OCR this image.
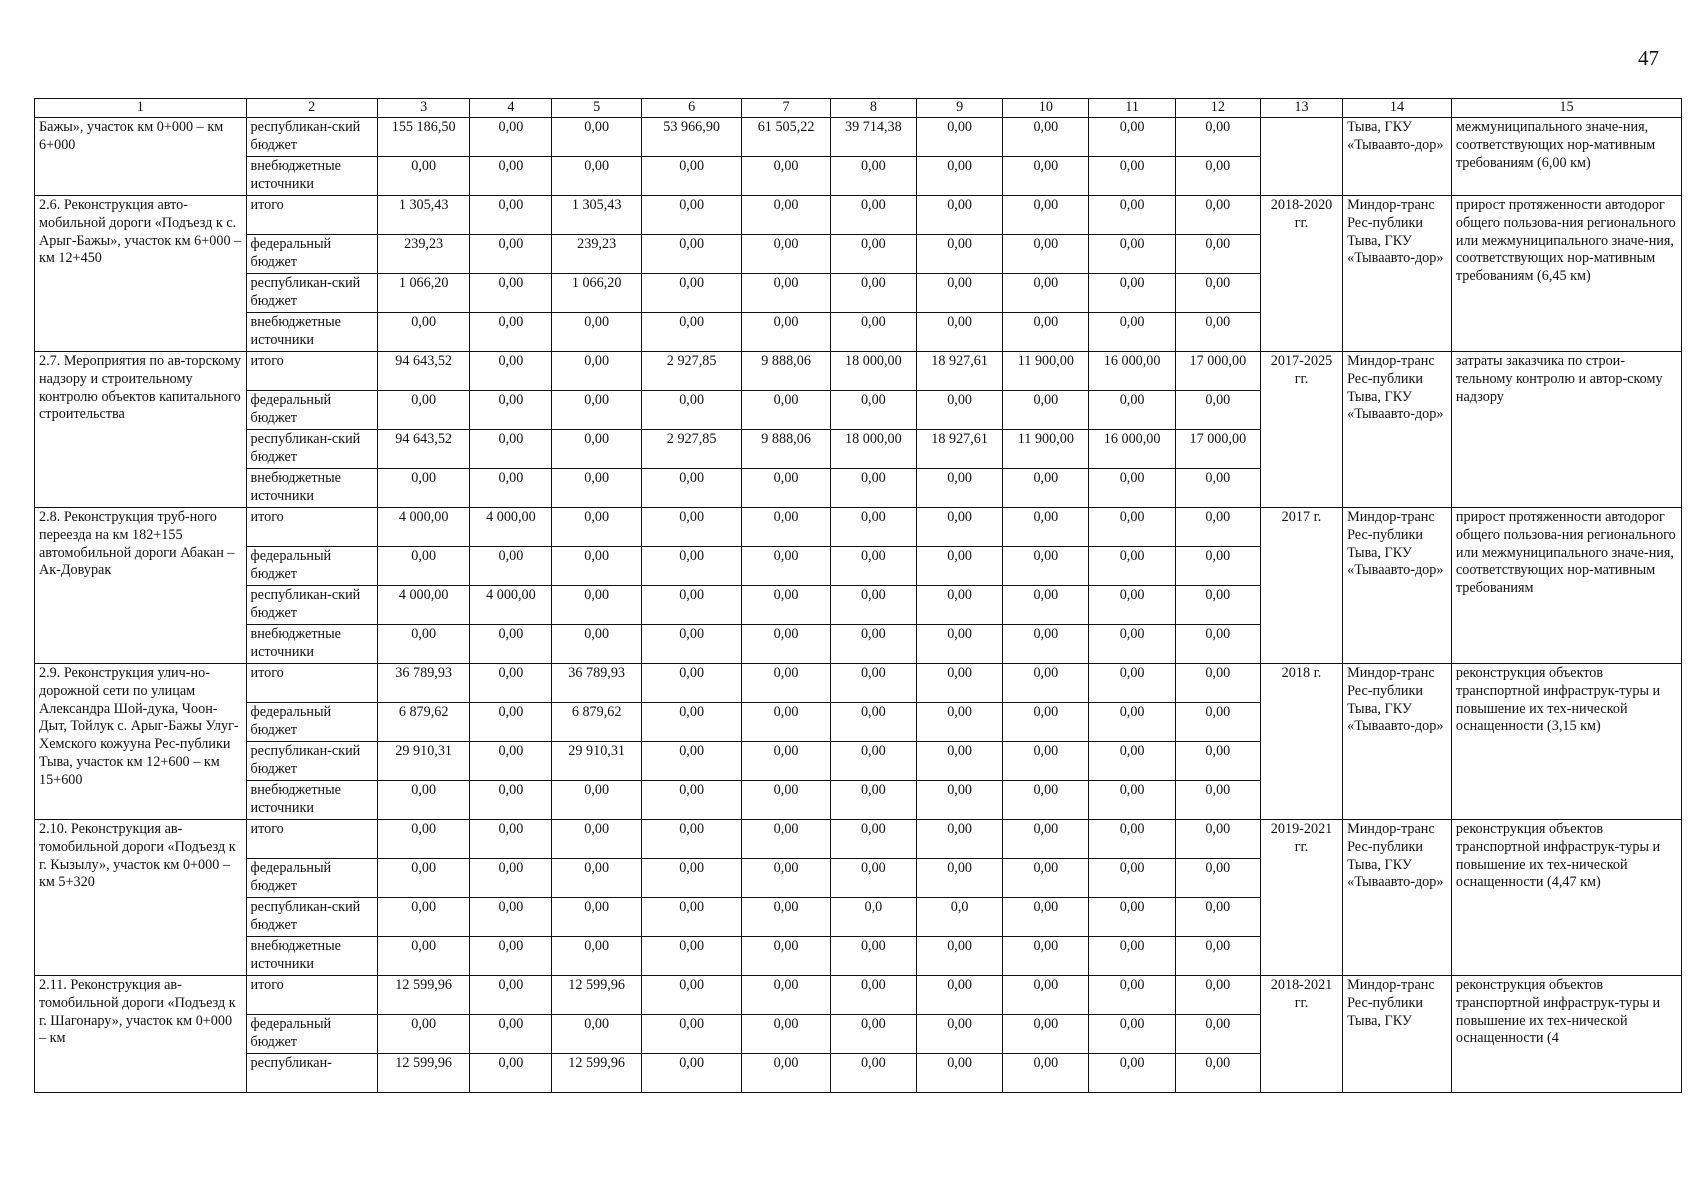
47
1	2	3	4	5	6	7	8	9	10	11	12	13	14	15
Бажы», участок км 0+000 – км 6+000	республикан-ский бюджет	155 186,50	0,00	0,00	53 966,90	61 505,22	39 714,38	0,00	0,00	0,00	0,00		Тыва, ГКУ «Тываавто-дор»	межмуниципального значе-ния, соответствующих нор-мативным требованиям (6,00 км)
	внебюджетные источники	0,00	0,00	0,00	0,00	0,00	0,00	0,00	0,00	0,00	0,00			
2.6. Реконструкция авто-мобильной дороги «Подъезд к с. Арыг-Бажы», участок км 6+000 – км 12+450	итого	1 305,43	0,00	1 305,43	0,00	0,00	0,00	0,00	0,00	0,00	0,00	2018-2020 гг.	Миндор-транс Рес-публики Тыва, ГКУ «Тываавто-дор»	прирост протяженности автодорог общего пользова-ния регионального или межмуниципального значе-ния, соответствующих нор-мативным требованиям (6,45 км)
	федеральный бюджет	239,23	0,00	239,23	0,00	0,00	0,00	0,00	0,00	0,00	0,00			
	республикан-ский бюджет	1 066,20	0,00	1 066,20	0,00	0,00	0,00	0,00	0,00	0,00	0,00			
	внебюджетные источники	0,00	0,00	0,00	0,00	0,00	0,00	0,00	0,00	0,00	0,00			
2.7. Мероприятия по ав-торскому надзору и строительному контролю объектов капитального строительства	итого	94 643,52	0,00	0,00	2 927,85	9 888,06	18 000,00	18 927,61	11 900,00	16 000,00	17 000,00	2017-2025 гг.	Миндор-транс Рес-публики Тыва, ГКУ «Тываавто-дор»	затраты заказчика по строи-тельному контролю и автор-скому надзору
	федеральный бюджет	0,00	0,00	0,00	0,00	0,00	0,00	0,00	0,00	0,00	0,00			
	республикан-ский бюджет	94 643,52	0,00	0,00	2 927,85	9 888,06	18 000,00	18 927,61	11 900,00	16 000,00	17 000,00			
	внебюджетные источники	0,00	0,00	0,00	0,00	0,00	0,00	0,00	0,00	0,00	0,00			
2.8. Реконструкция труб-ного переезда на км 182+155 автомобильной дороги Абакан – Ак-Довурак	итого	4 000,00	4 000,00	0,00	0,00	0,00	0,00	0,00	0,00	0,00	0,00	2017 г.	Миндор-транс Рес-публики Тыва, ГКУ «Тываавто-дор»	прирост протяженности автодорог общего пользова-ния регионального или межмуниципального значе-ния, соответствующих нор-мативным требованиям
	федеральный бюджет	0,00	0,00	0,00	0,00	0,00	0,00	0,00	0,00	0,00	0,00			
	республикан-ский бюджет	4 000,00	4 000,00	0,00	0,00	0,00	0,00	0,00	0,00	0,00	0,00			
	внебюджетные источники	0,00	0,00	0,00	0,00	0,00	0,00	0,00	0,00	0,00	0,00			
2.9. Реконструкция улич-но-дорожной сети по улицам Александра Шой-дука, Чоон-Дыт, Тойлук с. Арыг-Бажы Улуг-Хемского кожууна Рес-публики Тыва, участок км 12+600 – км 15+600	итого	36 789,93	0,00	36 789,93	0,00	0,00	0,00	0,00	0,00	0,00	0,00	2018 г.	Миндор-транс Рес-публики Тыва, ГКУ «Тываавто-дор»	реконструкция объектов транспортной инфраструк-туры и повышение их тех-нической оснащенности (3,15 км)
	федеральный бюджет	6 879,62	0,00	6 879,62	0,00	0,00	0,00	0,00	0,00	0,00	0,00			
	республикан-ский бюджет	29 910,31	0,00	29 910,31	0,00	0,00	0,00	0,00	0,00	0,00	0,00			
	внебюджетные источники	0,00	0,00	0,00	0,00	0,00	0,00	0,00	0,00	0,00	0,00			
2.10. Реконструкция ав-томобильной дороги «Подъезд к г. Кызылу», участок км 0+000 – км 5+320	итого	0,00	0,00	0,00	0,00	0,00	0,00	0,00	0,00	0,00	0,00	2019-2021 гг.	Миндор-транс Рес-публики Тыва, ГКУ «Тываавто-дор»	реконструкция объектов транспортной инфраструк-туры и повышение их тех-нической оснащенности (4,47 км)
	федеральный бюджет	0,00	0,00	0,00	0,00	0,00	0,00	0,00	0,00	0,00	0,00			
	республикан-ский бюджет	0,00	0,00	0,00	0,00	0,00	0,0	0,0	0,00	0,00	0,00			
	внебюджетные источники	0,00	0,00	0,00	0,00	0,00	0,00	0,00	0,00	0,00	0,00			
2.11. Реконструкция ав-томобильной дороги «Подъезд к г. Шагонару», участок км 0+000 – км	итого	12 599,96	0,00	12 599,96	0,00	0,00	0,00	0,00	0,00	0,00	0,00	2018-2021 гг.	Миндор-транс Рес-публики Тыва, ГКУ	реконструкция объектов транспортной инфраструк-туры и повышение их тех-нической оснащенности (4
	федеральный бюджет	0,00	0,00	0,00	0,00	0,00	0,00	0,00	0,00	0,00	0,00			
	республикан-	12 599,96	0,00	12 599,96	0,00	0,00	0,00	0,00	0,00	0,00	0,00			
